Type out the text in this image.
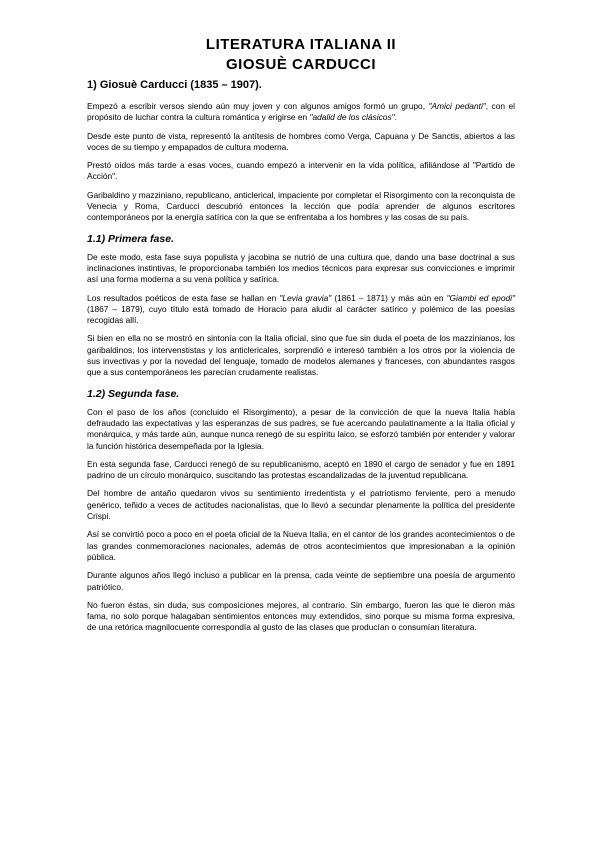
LITERATURA ITALIANA II
GIOSUÈ CARDUCCI
1) Giosuè Carducci (1835 – 1907).

Empezó a escribir versos siendo aún muy joven y con algunos amigos formó un grupo, "Amici pedanti", con el propósito de luchar contra la cultura romántica y erigirse en "adalid de los clásicos".

Desde este punto de vista, representó la antítesis de hombres como Verga, Capuana y De Sanctis, abiertos a las voces de su tiempo y empapados de cultura moderna.

Prestó oídos más tarde a esas voces, cuando empezó a intervenir en la vida política, afiliándose al "Partido de Acción".

Garibaldino y mazziniano, republicano, anticlerical, impaciente por completar el Risorgimento con la reconquista de Venecia y Roma, Carducci descubrió entonces la lección que podía aprender de algunos escritores contemporáneos por la energía satírica con la que se enfrentaba a los hombres y las cosas de su país.

1.1) Primera fase.

De este modo, esta fase suya populista y jacobina se nutrió de una cultura que, dando una base doctrinal a sus inclinaciones instintivas, le proporcionaba también los medios técnicos para expresar sus convicciones e imprimir así una forma moderna a su vena política y satírica.

Los resultados poéticos de esta fase se hallan en "Levia gravia" (1861 – 1871) y más aún en "Giambi ed epodi" (1867 – 1879), cuyo título está tomado de Horacio para aludir al carácter satírico y polémico de las poesías recogidas allí.

Si bien en ella no se mostró en sintonía con la Italia oficial, sino que fue sin duda el poeta de los mazzinianos, los garibaldinos, los intervenstistas y los anticlericales, sorprendió e interesó también a los otros por la violencia de sus invectivas y por la novedad del lenguaje, tomado de modelos alemanes y franceses, con abundantes rasgos que a sus contemporáneos les parecían crudamente realistas.

1.2) Segunda fase.

Con el paso de los años (concluido el Risorgimento), a pesar de la convicción de que la nueva Italia había defraudado las expectativas y las esperanzas de sus padres, se fue acercando paulatinamente a la Italia oficial y monárquica, y más tarde aún, aunque nunca renegó de su espíritu laico, se esforzó también por entender y valorar la función histórica desempeñada por la Iglesia.

En esta segunda fase, Carducci renegó de su republicanismo, aceptó en 1890 el cargo de senador y fue en 1891 padrino de un círculo monárquico, suscitando las protestas escandalizadas de la juventud republicana.

Del hombre de antaño quedaron vivos su sentimiento irredentista y el patriotismo ferviente, pero a menudo genérico, teñido a veces de actitudes nacionalistas, que lo llevó a secundar plenamente la política del presidente Crispi.

Así se convirtió poco a poco en el poeta oficial de la Nueva Italia, en el cantor de los grandes acontecimientos o de las grandes conmemoraciones nacionales, además de otros acontecimientos que impresionaban a la opinión pública.

Durante algunos años llegó incluso a publicar en la prensa, cada veinte de septiembre una poesía de argumento patriótico.

No fueron éstas, sin duda, sus composiciones mejores, al contrario. Sin embargo, fueron las que le dieron más fama, no solo porque halagaban sentimientos entonces muy extendidos, sino porque su misma forma expresiva, de una retórica magnilocuente correspondía al gusto de las clases que producían o consumían literatura.
